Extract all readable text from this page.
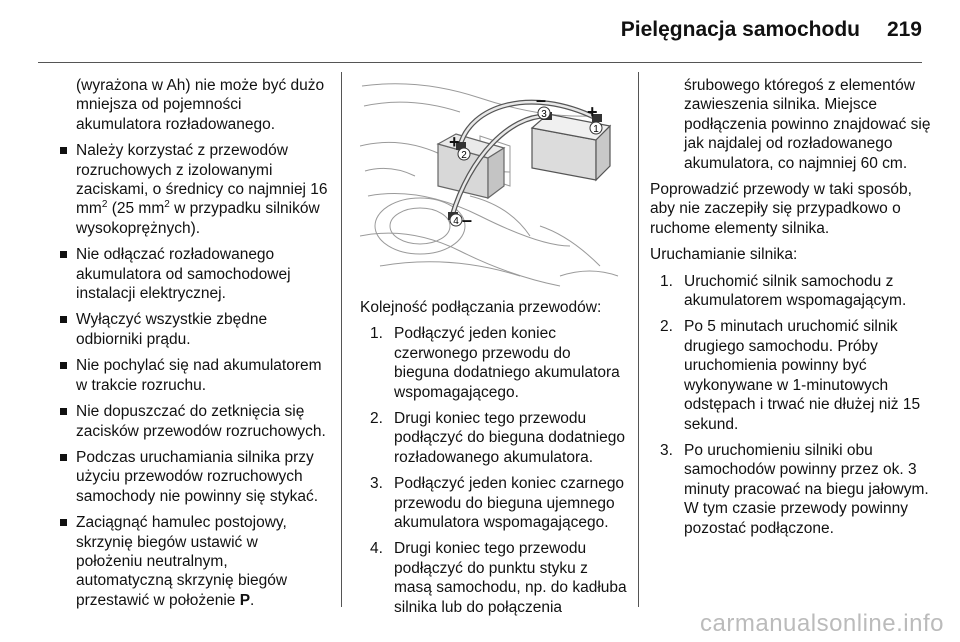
Pielęgnacja samochodu 219
(wyrażona w Ah) nie może być dużo mniejsza od pojemności akumulatora rozładowanego.
Należy korzystać z przewodów rozruchowych z izolowanymi zaciskami, o średnicy co najmniej 16 $mm^2$ (25 $mm^2$ w przypadku silników wysokoprężnych).
Nie odłączać rozładowanego akumulatora od samochodowej instalacji elektrycznej.
Wyłączyć wszystkie zbędne odbiorniki prądu.
Nie pochylać się nad akumulatorem w trakcie rozruchu.
Nie dopuszczać do zetknięcia się zacisków przewodów rozruchowych.
Podczas uruchamiania silnika przy użyciu przewodów rozruchowych samochody nie powinny się stykać.
Zaciągnąć hamulec postojowy, skrzynię biegów ustawić w położeniu neutralnym, automatyczną skrzynię biegów przestawić w położenie P.
1
2
3
4
+
+
–
–

Kolejność podłączania przewodów:

1. Podłączyć jeden koniec czerwonego przewodu do bieguna dodatniego akumulatora wspomagającego.
2. Drugi koniec tego przewodu podłączyć do bieguna dodatniego rozładowanego akumulatora.
3. Podłączyć jeden koniec czarnego przewodu do bieguna ujemnego akumulatora wspomagającego.
4. Drugi koniec tego przewodu podłączyć do punktu styku z masą samochodu, np. do kadłuba silnika lub do połączenia
śrubowego któregoś z elementów zawieszenia silnika. Miejsce podłączenia powinno znajdować się jak najdalej od rozładowanego akumulatora, co najmniej 60 cm.

Poprowadzić przewody w taki sposób, aby nie zaczepiły się przypadkowo o ruchome elementy silnika.

Uruchamianie silnika:

1. Uruchomić silnik samochodu z akumulatorem wspomagającym.
2. Po 5 minutach uruchomić silnik drugiego samochodu. Próby uruchomienia powinny być wykonywane w 1-minutowych odstępach i trwać nie dłużej niż 15 sekund.
3. Po uruchomieniu silniki obu samochodów powinny przez ok. 3 minuty pracować na biegu jałowym. W tym czasie przewody powinny pozostać podłączone.
carmanualsonline.info
